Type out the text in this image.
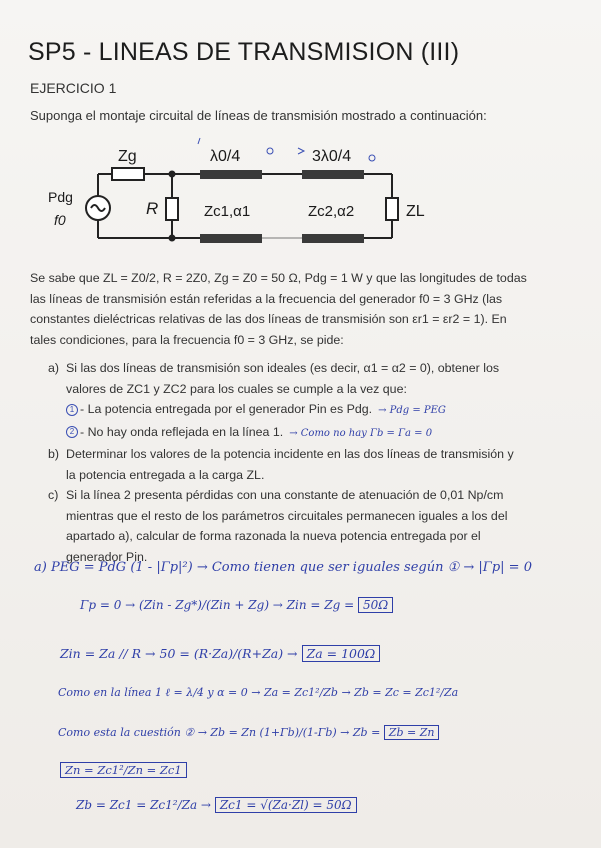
SP5 - LINEAS DE TRANSMISION (III)
EJERCICIO 1
Suponga el montaje circuital de líneas de transmisión mostrado a continuación:
Pdg
f0
Zg
R
λ0/4	3λ0/4
Zc1,α1	Zc2,α2	ZL

Se sabe que ZL = Z0/2, R = 2Z0, Zg = Z0 = 50 Ω, Pdg = 1 W y que las longitudes de todas

las líneas de transmisión están referidas a la frecuencia del generador f0 = 3 GHz (las

constantes dieléctricas relativas de las dos líneas de transmisión son εr1 = εr2 = 1). En

tales condiciones, para la frecuencia f0 = 3 GHz, se pide:

a) Si las dos líneas de transmisión son ideales (es decir, α1 = α2 = 0), obtener los
valores de ZC1 y ZC2 para los cuales se cumple a la vez que:
1 - La potencia entregada por el generador Pin es Pdg. → Pdg = PEG
2 - No hay onda reflejada en la línea 1. → Como no hay Γb = Γa = 0
b) Determinar los valores de la potencia incidente en las dos líneas de transmisión y
la potencia entregada a la carga ZL.
c) Si la línea 2 presenta pérdidas con una constante de atenuación de 0,01 Np/cm
mientras que el resto de los parámetros circuitales permanecen iguales a los del
apartado a), calcular de forma razonada la nueva potencia entregada por el
generador Pin.
a) PEG = PdG (1 - |Γp|²) → Como tienen que ser iguales según ① → |Γp| = 0
Γp = 0 → (Zin - Zg*)/(Zin + Zg) → Zin = Zg = 50Ω
Zin = Za // R → 50 = (R·Za)/(R+Za) → Za = 100Ω
Como en la línea 1 ℓ = λ/4 y α = 0 → Za = Zc1²/Zb → Zb = Zc = Zc1²/Za
Como esta la cuestión ② → Zb = Zn (1+Γb)/(1-Γb) → Zb = Zb = Zn
Zn = Zc1²/Zn = Zc1
Zb = Zc1 = Zc1²/Za → Zc1 = √(Za·Zl) = 50Ω
